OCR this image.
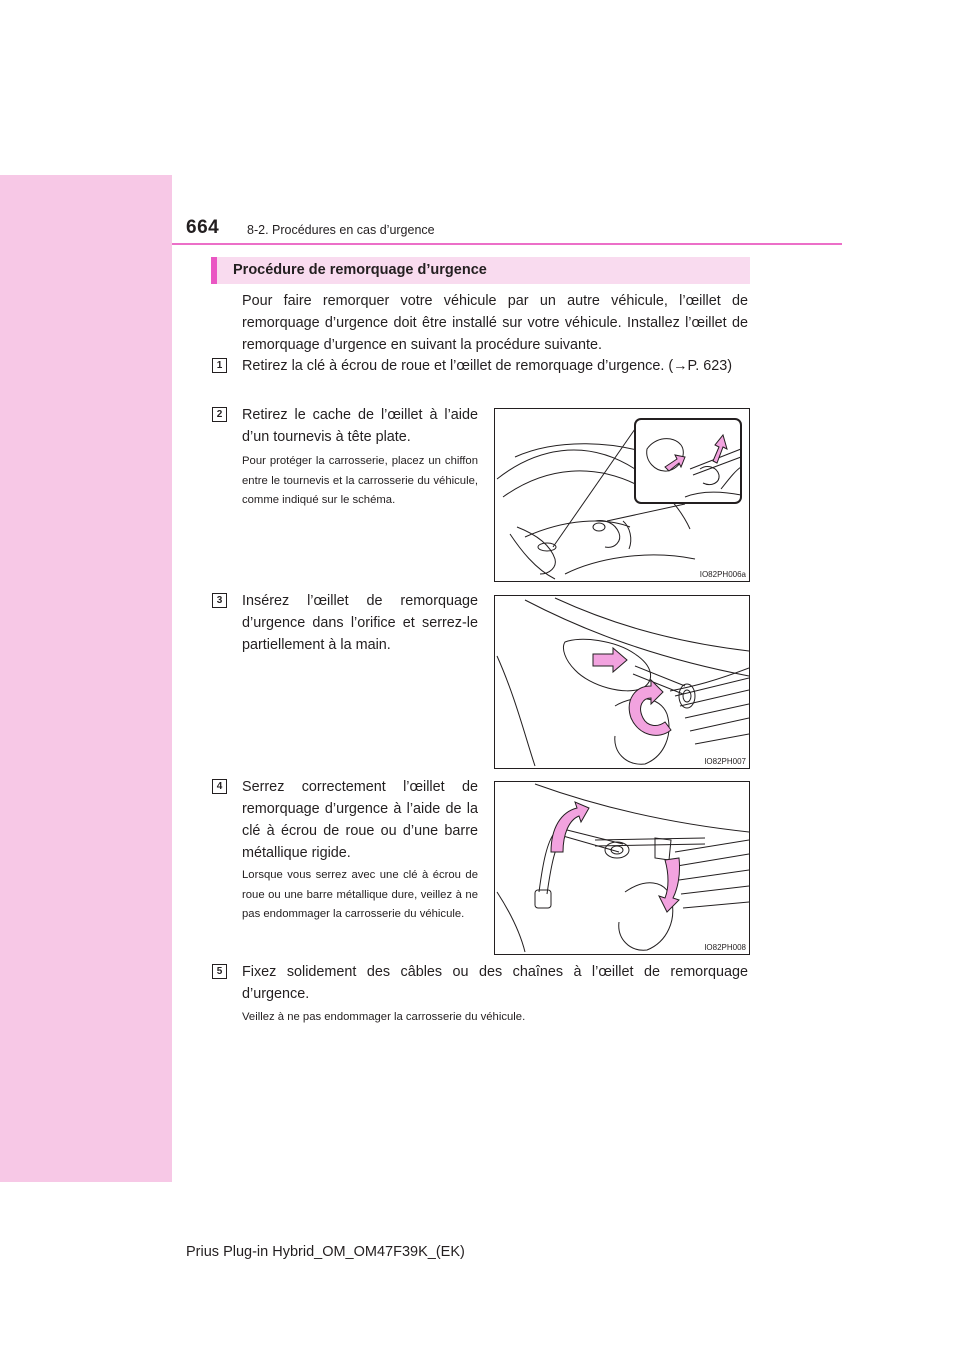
664 8-2. Procédures en cas d’urgence
Procédure de remorquage d’urgence
Pour faire remorquer votre véhicule par un autre véhicule, l’œillet de remorquage d’urgence doit être installé sur votre véhicule. Installez l’œillet de remorquage d’urgence en suivant la procédure suivante.
1	Retirez la clé à écrou de roue et l’œillet de remorquage d’urgence. (→P. 623)
2	Retirez le cache de l’œillet à l’aide d’un tournevis à tête plate.
Pour protéger la carrosserie, placez un chiffon entre le tournevis et la carrosserie du véhicule, comme indiqué sur le schéma.
IO82PH006a
3	Insérez l’œillet de remorquage d’urgence dans l’orifice et serrez-le partiellement à la main.
IO82PH007
4	Serrez correctement l’œillet de remorquage d’urgence à l’aide de la clé à écrou de roue ou d’une barre métallique rigide.
Lorsque vous serrez avec une clé à écrou de roue ou une barre métallique dure, veillez à ne pas endommager la carrosserie du véhicule.
IO82PH008
5	Fixez solidement des câbles ou des chaînes à l’œillet de remorquage d’urgence.
Veillez à ne pas endommager la carrosserie du véhicule.
Prius Plug-in Hybrid_OM_OM47F39K_(EK)
